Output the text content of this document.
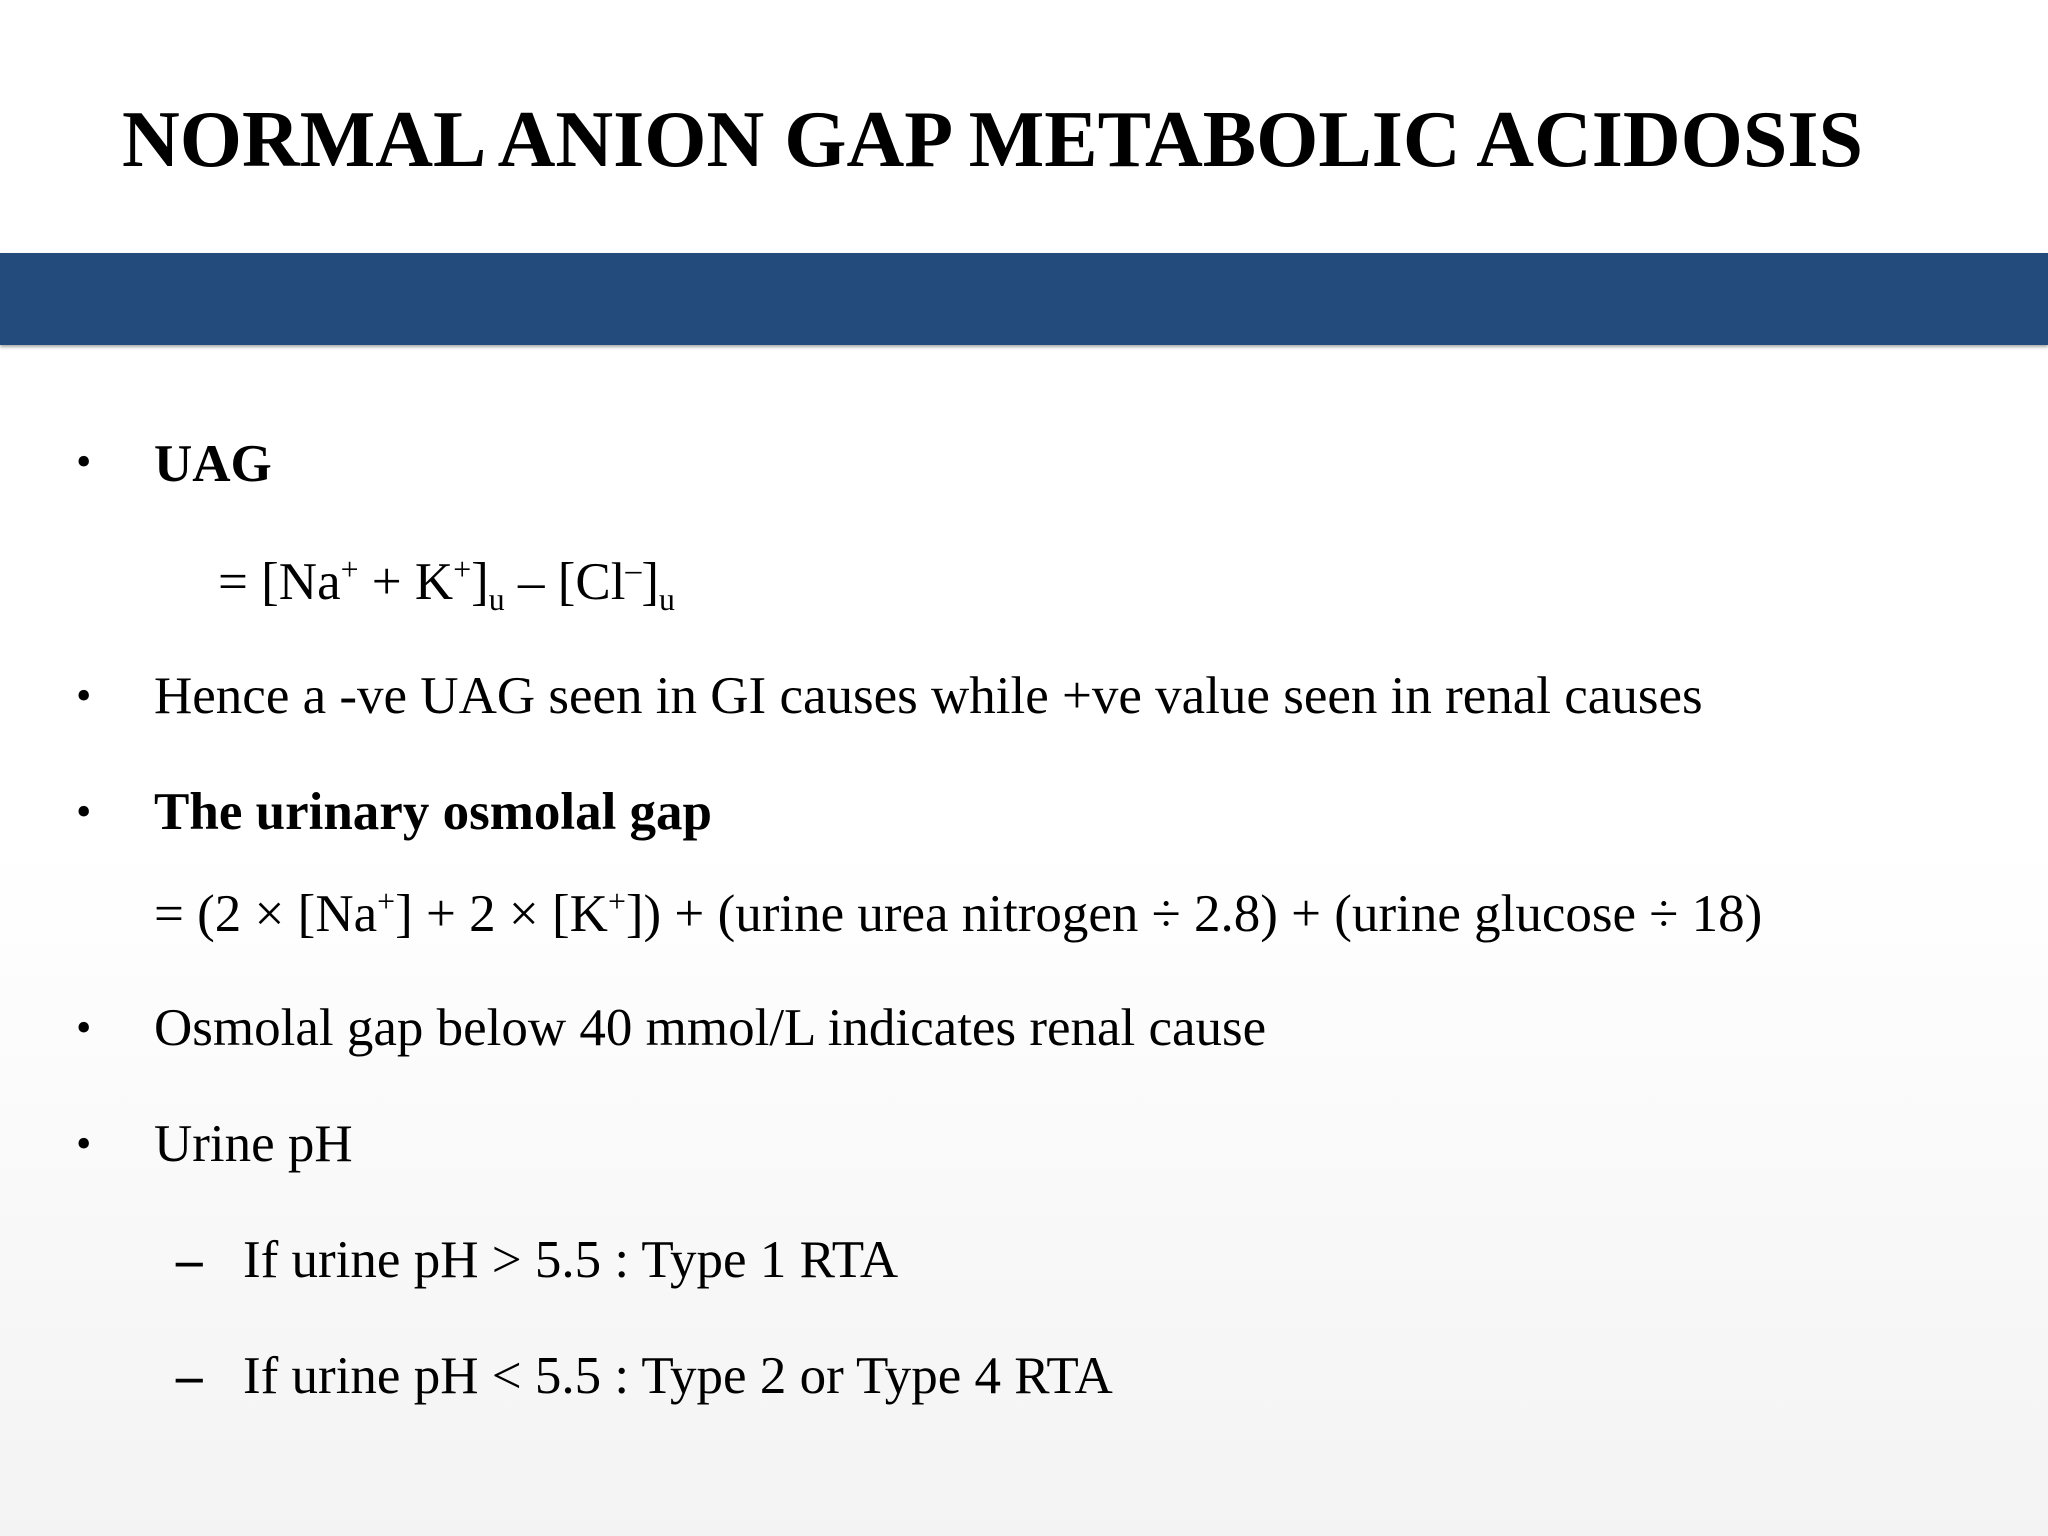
NORMAL ANION GAP METABOLIC ACIDOSIS
• UAG
= $[Na^+ + K^+]_u - [Cl^-]_u$
• Hence a -ve UAG seen in GI causes while +ve value seen in renal causes
• The urinary osmolal gap
= (2 × [Na+] + 2 × [K+]) + (urine urea nitrogen ÷ 2.8) + (urine glucose ÷ 18)
• Osmolal gap below 40 mmol/L indicates renal cause
• Urine pH
– If urine pH > 5.5 : Type 1 RTA
– If urine pH < 5.5 : Type 2 or Type 4 RTA
